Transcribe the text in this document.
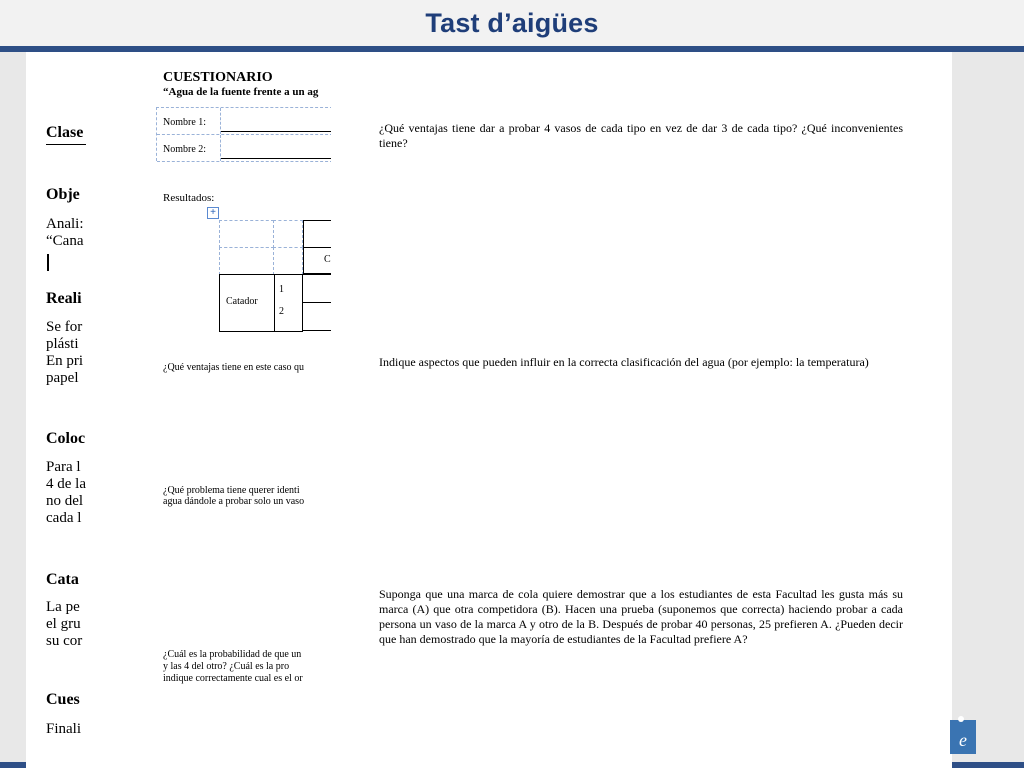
Tast d’aigües
Clase
Obje
Anali:
“Cana
Reali
Se for
plásti
En pri
papel
Coloc
Para l
4 de la
no del
cada l
Cata
La pe
el gru
su cor
Cues
Finali
CUESTIONARIO
“Agua de la fuente frente a un ag
Nombre 1:
Nombre 2:
Resultados:
+
C
Catador
1
2
¿Qué ventajas tiene en este caso qu
¿Qué problema tiene querer identi
agua dándole a probar solo un vaso
¿Cuál es la probabilidad de que un
y las 4 del otro? ¿Cuál es la pro
indique correctamente cual es el or
¿Qué ventajas tiene dar a probar 4 vasos de cada tipo en vez de dar 3 de cada tipo? ¿Qué inconvenientes tiene?
Indique aspectos que pueden influir en la correcta clasificación del agua (por ejemplo: la temperatura)
Suponga que una marca de cola quiere demostrar que a los estudiantes de esta Facultad les gusta más su marca (A) que otra competidora (B). Hacen una prueba (suponemos que correcta) haciendo probar a cada persona un vaso de la marca A y otro de la B. Después de probar 40 personas, 25 prefieren A. ¿Pueden decir que han demostrado que la mayoría de estudiantes de la Facultad prefiere A?
e
